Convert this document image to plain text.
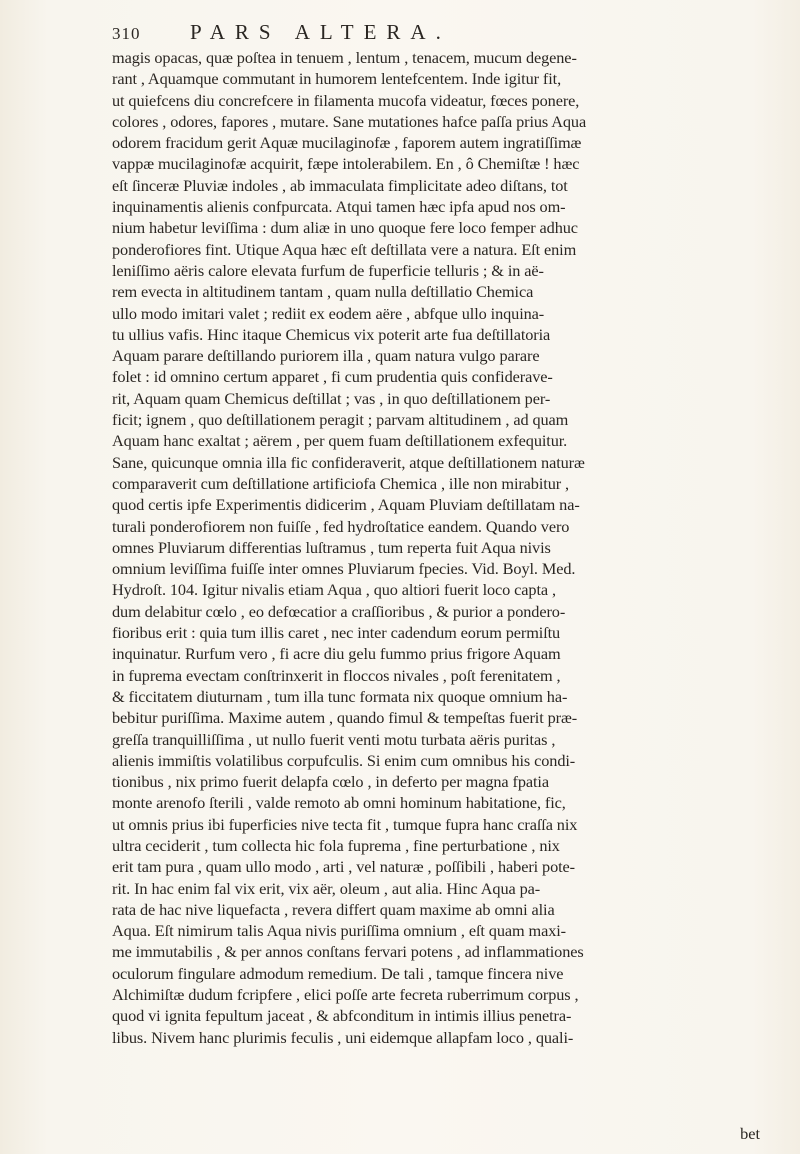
310 PARS ALTERA.
magis opacas, quæ poſtea in tenuem , lentum , tenacem, mucum degene-
rant , Aquamque commutant in humorem lentefcentem. Inde igitur fit,
ut quiefcens diu concrefcere in filamenta mucofa videatur, fœces ponere,
colores , odores, fapores , mutare. Sane mutationes hafce paſſa prius Aqua
odorem fracidum gerit Aquæ mucilaginofæ , faporem autem ingratiſſimæ
vappæ mucilaginofæ acquirit, fæpe intolerabilem. En , ô Chemiſtæ ! hæc
eſt ſinceræ Pluviæ indoles , ab immaculata fimplicitate adeo diſtans, tot
inquinamentis alienis confpurcata. Atqui tamen hæc ipfa apud nos om-
nium habetur leviſſima : dum aliæ in uno quoque fere loco femper adhuc
ponderofiores fint. Utique Aqua hæc eſt deſtillata vere a natura. Eſt enim
leniſſimo aëris calore elevata furfum de fuperficie telluris ; & in aë-
rem evecta in altitudinem tantam , quam nulla deſtillatio Chemica
ullo modo imitari valet ; rediit ex eodem aëre , abfque ullo inquina-
tu ullius vafis. Hinc itaque Chemicus vix poterit arte fua deſtillatoria
Aquam parare deſtillando puriorem illa , quam natura vulgo parare
folet : id omnino certum apparet , fi cum prudentia quis confiderave-
rit, Aquam quam Chemicus deſtillat ; vas , in quo deſtillationem per-
ficit; ignem , quo deſtillationem peragit ; parvam altitudinem , ad quam
Aquam hanc exaltat ; aërem , per quem fuam deſtillationem exfequitur.
Sane, quicunque omnia illa fic confideraverit, atque deſtillationem naturæ
comparaverit cum deſtillatione artificiofa Chemica , ille non mirabitur ,
quod certis ipfe Experimentis didicerim , Aquam Pluviam deſtillatam na-
turali ponderofiorem non fuiſſe , fed hydroſtatice eandem. Quando vero
omnes Pluviarum differentias luſtramus , tum reperta fuit Aqua nivis
omnium leviſſima fuiſſe inter omnes Pluviarum fpecies. Vid. Boyl. Med.
Hydroſt. 104. Igitur nivalis etiam Aqua , quo altiori fuerit loco capta ,
dum delabitur cœlo , eo defœcatior a craſſioribus , & purior a pondero-
fioribus erit : quia tum illis caret , nec inter cadendum eorum permiſtu
inquinatur. Rurfum vero , fi acre diu gelu fummo prius frigore Aquam
in fuprema evectam conſtrinxerit in floccos nivales , poſt ferenitatem ,
& ficcitatem diuturnam , tum illa tunc formata nix quoque omnium ha-
bebitur puriſſima. Maxime autem , quando fimul & tempeſtas fuerit præ-
greſſa tranquilliſſima , ut nullo fuerit venti motu turbata aëris puritas ,
alienis immiſtis volatilibus corpufculis. Si enim cum omnibus his condi-
tionibus , nix primo fuerit delapfa cœlo , in deferto per magna fpatia
monte arenofo ſterili , valde remoto ab omni hominum habitatione, fic,
ut omnis prius ibi fuperficies nive tecta fit , tumque fupra hanc craſſa nix
ultra ceciderit , tum collecta hic fola fuprema , fine perturbatione , nix
erit tam pura , quam ullo modo , arti , vel naturæ , poſſibili , haberi pote-
rit. In hac enim fal vix erit, vix aër, oleum , aut alia. Hinc Aqua pa-
rata de hac nive liquefacta , revera differt quam maxime ab omni alia
Aqua. Eſt nimirum talis Aqua nivis puriſſima omnium , eſt quam maxi-
me immutabilis , & per annos conſtans fervari potens , ad inflammationes
oculorum fingulare admodum remedium. De tali , tamque fincera nive
Alchimiſtæ dudum fcripfere , elici poſſe arte fecreta ruberrimum corpus ,
quod vi ignita fepultum jaceat , & abfconditum in intimis illius penetra-
libus. Nivem hanc plurimis feculis , uni eidemque allapfam loco , quali-
bet
